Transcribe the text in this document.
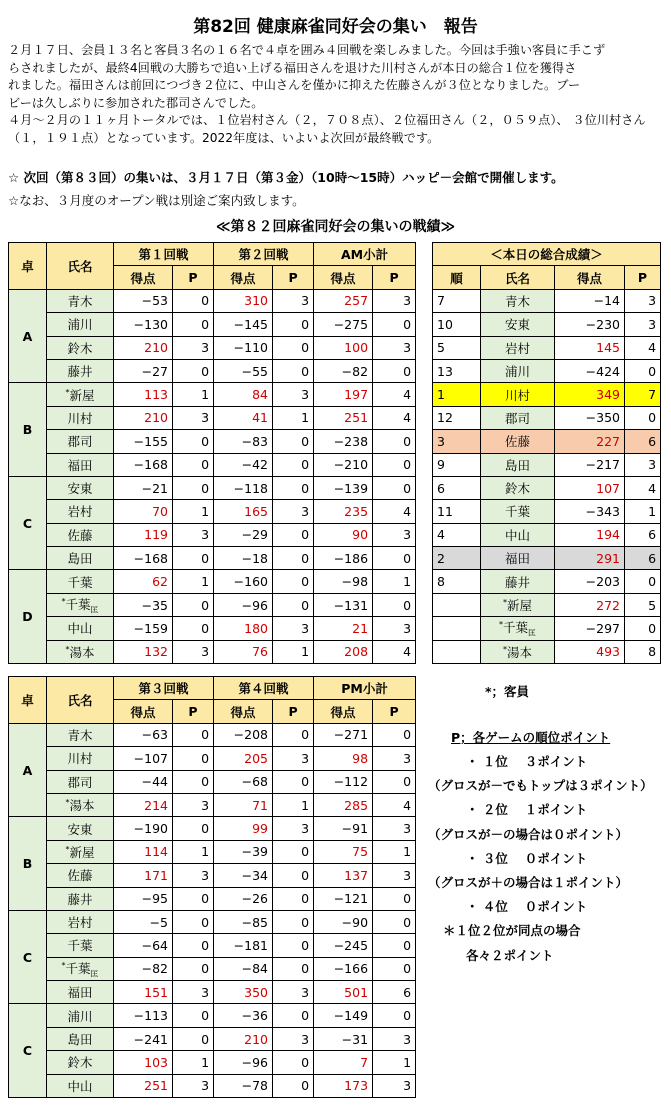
第82回 健康麻雀同好会の集い　報告

２月１７日、会員１３名と客員３名の１６名で４卓を囲み４回戦を楽しみました。今回は手強い客員に手こず

らされましたが、最終4回戦の大勝ちで追い上げる福田さんを退けた川村さんが本日の総合１位を獲得さ

れました。福田さんは前回につづき２位に、中山さんを僅かに抑えた佐藤さんが３位となりました。ブー

ビーは久しぶりに参加された郡司さんでした。

４月～２月の１１ヶ月トータルでは、１位岩村さん（２，７０８点）、２位福田さん（２，０５９点）、 ３位川村さん

（１，１９１点）となっています。2022年度は、いよいよ次回が最終戦です。

☆ 次回（第８３回）の集いは、３月１７日（第３金）（10時～15時）ハッピ－会館で開催します。
☆なお、３月度のオープン戦は別途ご案内致します。
≪第８２回麻雀同好会の集いの戦績≫
卓	氏名	第１回戦		第２回戦		AM小計	
		得点	P	得点	P	得点	P
A	青木	−53	0	310	3	257	3
	浦川	−130	0	−145	0	−275	0
	鈴木	210	3	−110	0	100	3
	藤井	−27	0	−55	0	−82	0
B	*新屋	113	1	84	3	197	4
	川村	210	3	41	1	251	4
	郡司	−155	0	−83	0	−238	0
	福田	−168	0	−42	0	−210	0
C	安東	−21	0	−118	0	−139	0
	岩村	70	1	165	3	235	4
	佐藤	119	3	−29	0	90	3
	島田	−168	0	−18	0	−186	0
D	千葉	62	1	−160	0	−98	1
	*千葉$_匡$	−35	0	−96	0	−131	0
	中山	−159	0	180	3	21	3
	*湯本	132	3	76	1	208	4
卓	氏名	第３回戦		第４回戦		PM小計	
		得点	P	得点	P	得点	P
A	青木	−63	0	−208	0	−271	0
	川村	−107	0	205	3	98	3
	郡司	−44	0	−68	0	−112	0
	*湯本	214	3	71	1	285	4
B	安東	−190	0	99	3	−91	3
	*新屋	114	1	−39	0	75	1
	佐藤	171	3	−34	0	137	3
	藤井	−95	0	−26	0	−121	0
C	岩村	−5	0	−85	0	−90	0
	千葉	−64	0	−181	0	−245	0
	*千葉$_匡$	−82	0	−84	0	−166	0
	福田	151	3	350	3	501	6
C	浦川	−113	0	−36	0	−149	0
	島田	−241	0	210	3	−31	3
	鈴木	103	1	−96	0	7	1
	中山	251	3	−78	0	173	3
＜本日の総合成績＞			
順	氏名	得点	P
7	青木	−14	3
10	安東	−230	3
5	岩村	145	4
13	浦川	−424	0
1	川村	349	7
12	郡司	−350	0
3	佐藤	227	6
9	島田	−217	3
6	鈴木	107	4
11	千葉	−343	1
4	中山	194	6
2	福田	291	6
8	藤井	−203	0
	*新屋	272	5
	*千葉$_匡$	−297	0
	*湯本	493	8
*；客員
P；各ゲームの順位ポイント
・ １位　 ３ポイント
（グロスが－でもトップは３ポイント）
・ ２位　 １ポイント
（グロスが－の場合は０ポイント）
・ ３位　 ０ポイント
（グロスが＋の場合は１ポイント）
・ ４位　 ０ポイント
＊１位２位が同点の場合
各々２ポイント
